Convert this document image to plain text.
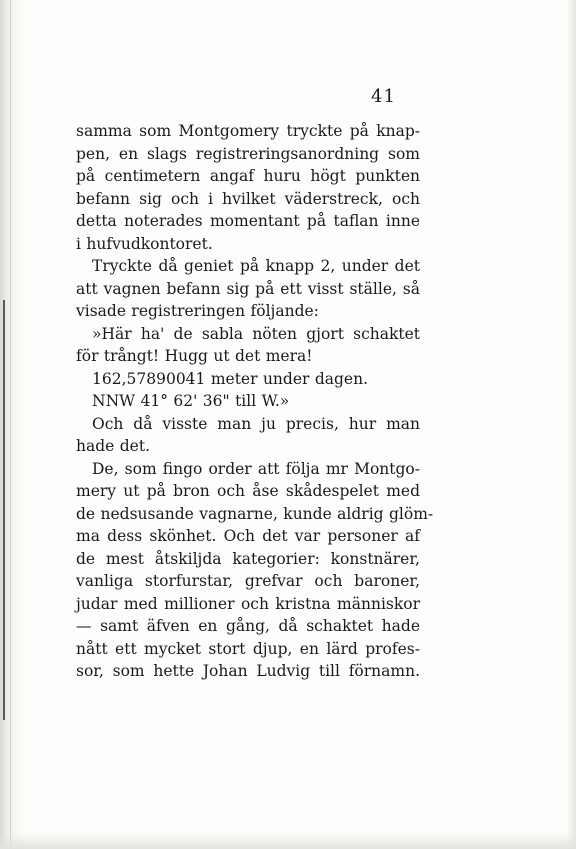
41
samma som Montgomery tryckte på knap-
pen, en slags registreringsanordning som
på centimetern angaf huru högt punkten
befann sig och i hvilket väderstreck, och
detta noterades momentant på taflan inne
i hufvudkontoret.
Tryckte då geniet på knapp 2, under det
att vagnen befann sig på ett visst ställe, så
visade registreringen följande:
»Här ha' de sabla nöten gjort schaktet
för trångt! Hugg ut det mera!
162,57890041 meter under dagen.
NNW 41° 62' 36" till W.»
Och då visste man ju precis, hur man
hade det.
De, som fingo order att följa mr Montgo-
mery ut på bron och åse skådespelet med
de nedsusande vagnarne, kunde aldrig glöm-
ma dess skönhet. Och det var personer af
de mest åtskiljda kategorier: konstnärer,
vanliga storfurstar, grefvar och baroner,
judar med millioner och kristna människor
— samt äfven en gång, då schaktet hade
nått ett mycket stort djup, en lärd profes-
sor, som hette Johan Ludvig till förnamn.
